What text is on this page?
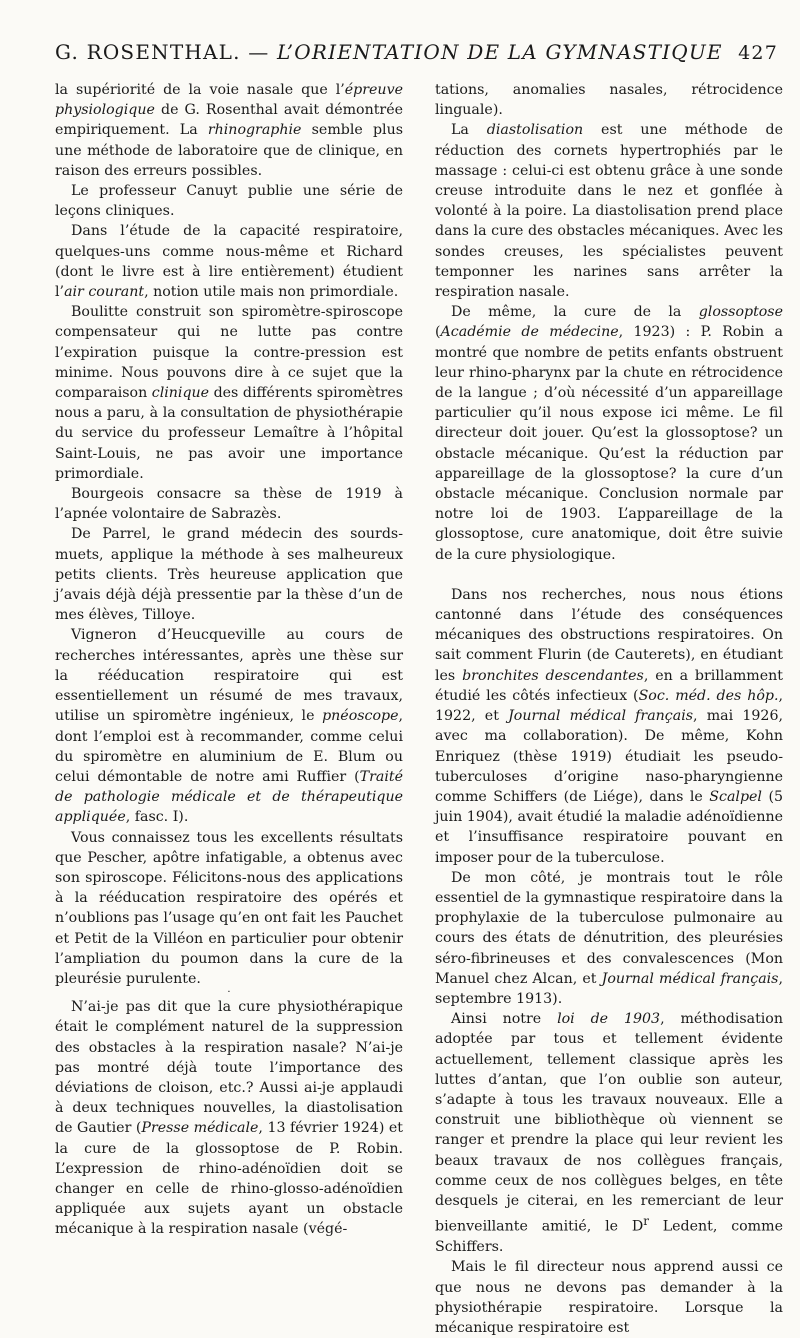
G. ROSENTHAL. — L’ORIENTATION DE LA GYMNASTIQUE 427

la supériorité de la voie nasale que l’épreuve physiologique de G. Rosenthal avait démontrée empiriquement. La rhinographie semble plus une méthode de laboratoire que de clinique, en raison des erreurs possibles.

Le professeur Canuyt publie une série de leçons cliniques.

Dans l’étude de la capacité respiratoire, quelques-uns comme nous-même et Richard (dont le livre est à lire entièrement) étudient l’air courant, notion utile mais non primordiale.

Boulitte construit son spiromètre-spiroscope compensateur qui ne lutte pas contre l’expiration puisque la contre-pression est minime. Nous pouvons dire à ce sujet que la comparaison clinique des différents spiromètres nous a paru, à la consultation de physiothérapie du service du professeur Lemaître à l’hôpital Saint-Louis, ne pas avoir une importance primordiale.

Bourgeois consacre sa thèse de 1919 à l’apnée volontaire de Sabrazès.

De Parrel, le grand médecin des sourds-muets, applique la méthode à ses malheureux petits clients. Très heureuse application que j’avais déjà déjà pressentie par la thèse d’un de mes élèves, Tilloye.

Vigneron d’Heucqueville au cours de recherches intéressantes, après une thèse sur la rééducation respiratoire qui est essentiellement un résumé de mes travaux, utilise un spiromètre ingénieux, le pnéoscope, dont l’emploi est à recommander, comme celui du spiromètre en aluminium de E. Blum ou celui démontable de notre ami Ruffier (Traité de pathologie médicale et de thérapeutique appliquée, fasc. I).

Vous connaissez tous les excellents résultats que Pescher, apôtre infatigable, a obtenus avec son spiroscope. Félicitons-nous des applications à la rééducation respiratoire des opérés et n’oublions pas l’usage qu’en ont fait les Pauchet et Petit de la Villéon en particulier pour obtenir l’ampliation du poumon dans la cure de la pleurésie purulente.

·

N’ai-je pas dit que la cure physiothérapique était le complément naturel de la suppression des obstacles à la respiration nasale? N’ai-je pas montré déjà toute l’importance des déviations de cloison, etc.? Aussi ai-je applaudi à deux techniques nouvelles, la diastolisation de Gautier (Presse médicale, 13 février 1924) et la cure de la glossoptose de P. Robin. L’expression de rhino-adénoïdien doit se changer en celle de rhino-glosso-adénoïdien appliquée aux sujets ayant un obstacle mécanique à la respiration nasale (végé-

tations, anomalies nasales, rétrocidence linguale).

La diastolisation est une méthode de réduction des cornets hypertrophiés par le massage : celui-ci est obtenu grâce à une sonde creuse introduite dans le nez et gonflée à volonté à la poire. La diastolisation prend place dans la cure des obstacles mécaniques. Avec les sondes creuses, les spécialistes peuvent temponner les narines sans arrêter la respiration nasale.

De même, la cure de la glossoptose (Académie de médecine, 1923) : P. Robin a montré que nombre de petits enfants obstruent leur rhino-pharynx par la chute en rétrocidence de la langue ; d’où nécessité d’un appareillage particulier qu’il nous expose ici même. Le fil directeur doit jouer. Qu’est la glossoptose? un obstacle mécanique. Qu’est la réduction par appareillage de la glossoptose? la cure d’un obstacle mécanique. Conclusion normale par notre loi de 1903. L’appareillage de la glossoptose, cure anatomique, doit être suivie de la cure physiologique.

Dans nos recherches, nous nous étions cantonné dans l’étude des conséquences mécaniques des obstructions respiratoires. On sait comment Flurin (de Cauterets), en étudiant les bronchites descendantes, en a brillamment étudié les côtés infectieux (Soc. méd. des hôp., 1922, et Journal médical français, mai 1926, avec ma collaboration). De même, Kohn Enriquez (thèse 1919) étudiait les pseudo-tuberculoses d’origine naso-pharyngienne comme Schiffers (de Liége), dans le Scalpel (5 juin 1904), avait étudié la maladie adénoïdienne et l’insuffisance respiratoire pouvant en imposer pour de la tuberculose.

De mon côté, je montrais tout le rôle essentiel de la gymnastique respiratoire dans la prophylaxie de la tuberculose pulmonaire au cours des états de dénutrition, des pleurésies séro-fibrineuses et des convalescences (Mon Manuel chez Alcan, et Journal médical français, septembre 1913).

Ainsi notre loi de 1903, méthodisation adoptée par tous et tellement évidente actuellement, tellement classique après les luttes d’antan, que l’on oublie son auteur, s’adapte à tous les travaux nouveaux. Elle a construit une bibliothèque où viennent se ranger et prendre la place qui leur revient les beaux travaux de nos collègues français, comme ceux de nos collègues belges, en tête desquels je citerai, en les remerciant de leur bienveillante amitié, le $D^r$ Ledent, comme Schiffers.

Mais le fil directeur nous apprend aussi ce que nous ne devons pas demander à la physiothérapie respiratoire. Lorsque la mécanique respiratoire est
